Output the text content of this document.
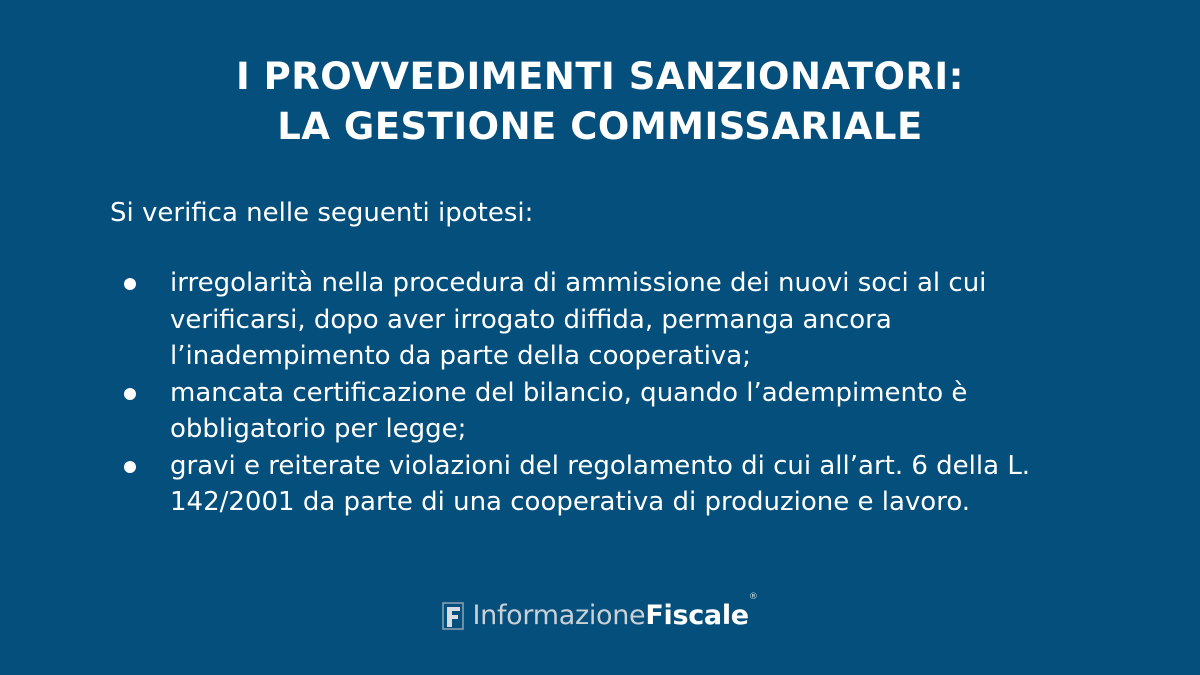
I PROVVEDIMENTI SANZIONATORI:
LA GESTIONE COMMISSARIALE

Si verifica nelle seguenti ipotesi:

irregolarità nella procedura di ammissione dei nuovi soci al cui verificarsi, dopo aver irrogato diffida, permanga ancora l’inadempimento da parte della cooperativa;
mancata certificazione del bilancio, quando l’adempimento è obbligatorio per legge;
gravi e reiterate violazioni del regolamento di cui all’art. 6 della L. 142/2001 da parte di una cooperativa di produzione e lavoro.
InformazioneFiscale®
